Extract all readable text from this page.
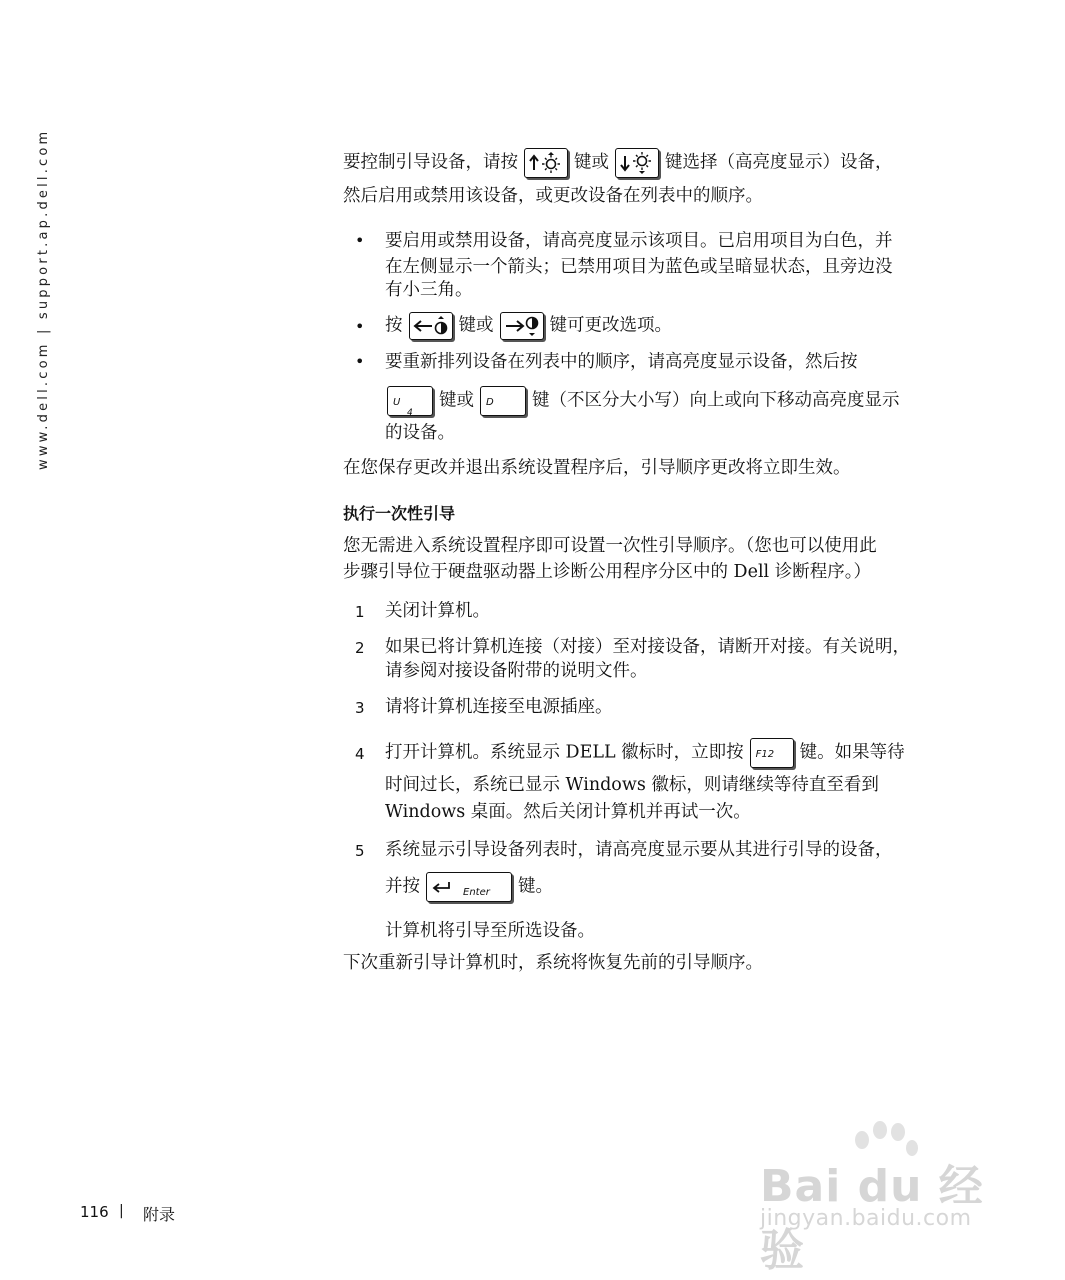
www.dell.com | support.ap.dell.com	要控制引导设备，请按	键或	键选择（高亮度显示）设备，
然后启用或禁用该设备，或更改设备在列表中的顺序。
• 要启用或禁用设备，请高亮度显示该项目。已启用项目为白色，并
在左侧显示一个箭头；已禁用项目为蓝色或呈暗显状态，且旁边没
有小三角。
• 按	键或	键可更改选项。
• 要重新排列设备在列表中的顺序，请高亮度显示设备，然后按
U
4
键或 D 键（不区分大小写）向上或向下移动高亮度显示
的设备。
在您保存更改并退出系统设置程序后，引导顺序更改将立即生效。
执行一次性引导
您无需进入系统设置程序即可设置一次性引导顺序。（您也可以使用此
步骤引导位于硬盘驱动器上诊断公用程序分区中的 Dell 诊断程序。）
1 关闭计算机。
2 如果已将计算机连接（对接）至对接设备，请断开对接。有关说明，
请参阅对接设备附带的说明文件。
3 请将计算机连接至电源插座。
4 打开计算机。系统显示 DELL 徽标时，立即按 F12 键。如果等待
时间过长，系统已显示 Windows 徽标，则请继续等待直至看到
Windows 桌面。然后关闭计算机并再试一次。
5 系统显示引导设备列表时，请高亮度显示要从其进行引导的设备，
并按	Enter 键。
计算机将引导至所选设备。
下次重新引导计算机时，系统将恢复先前的引导顺序。
116 | 附录
Bai du 经验
jingyan.baidu.com
